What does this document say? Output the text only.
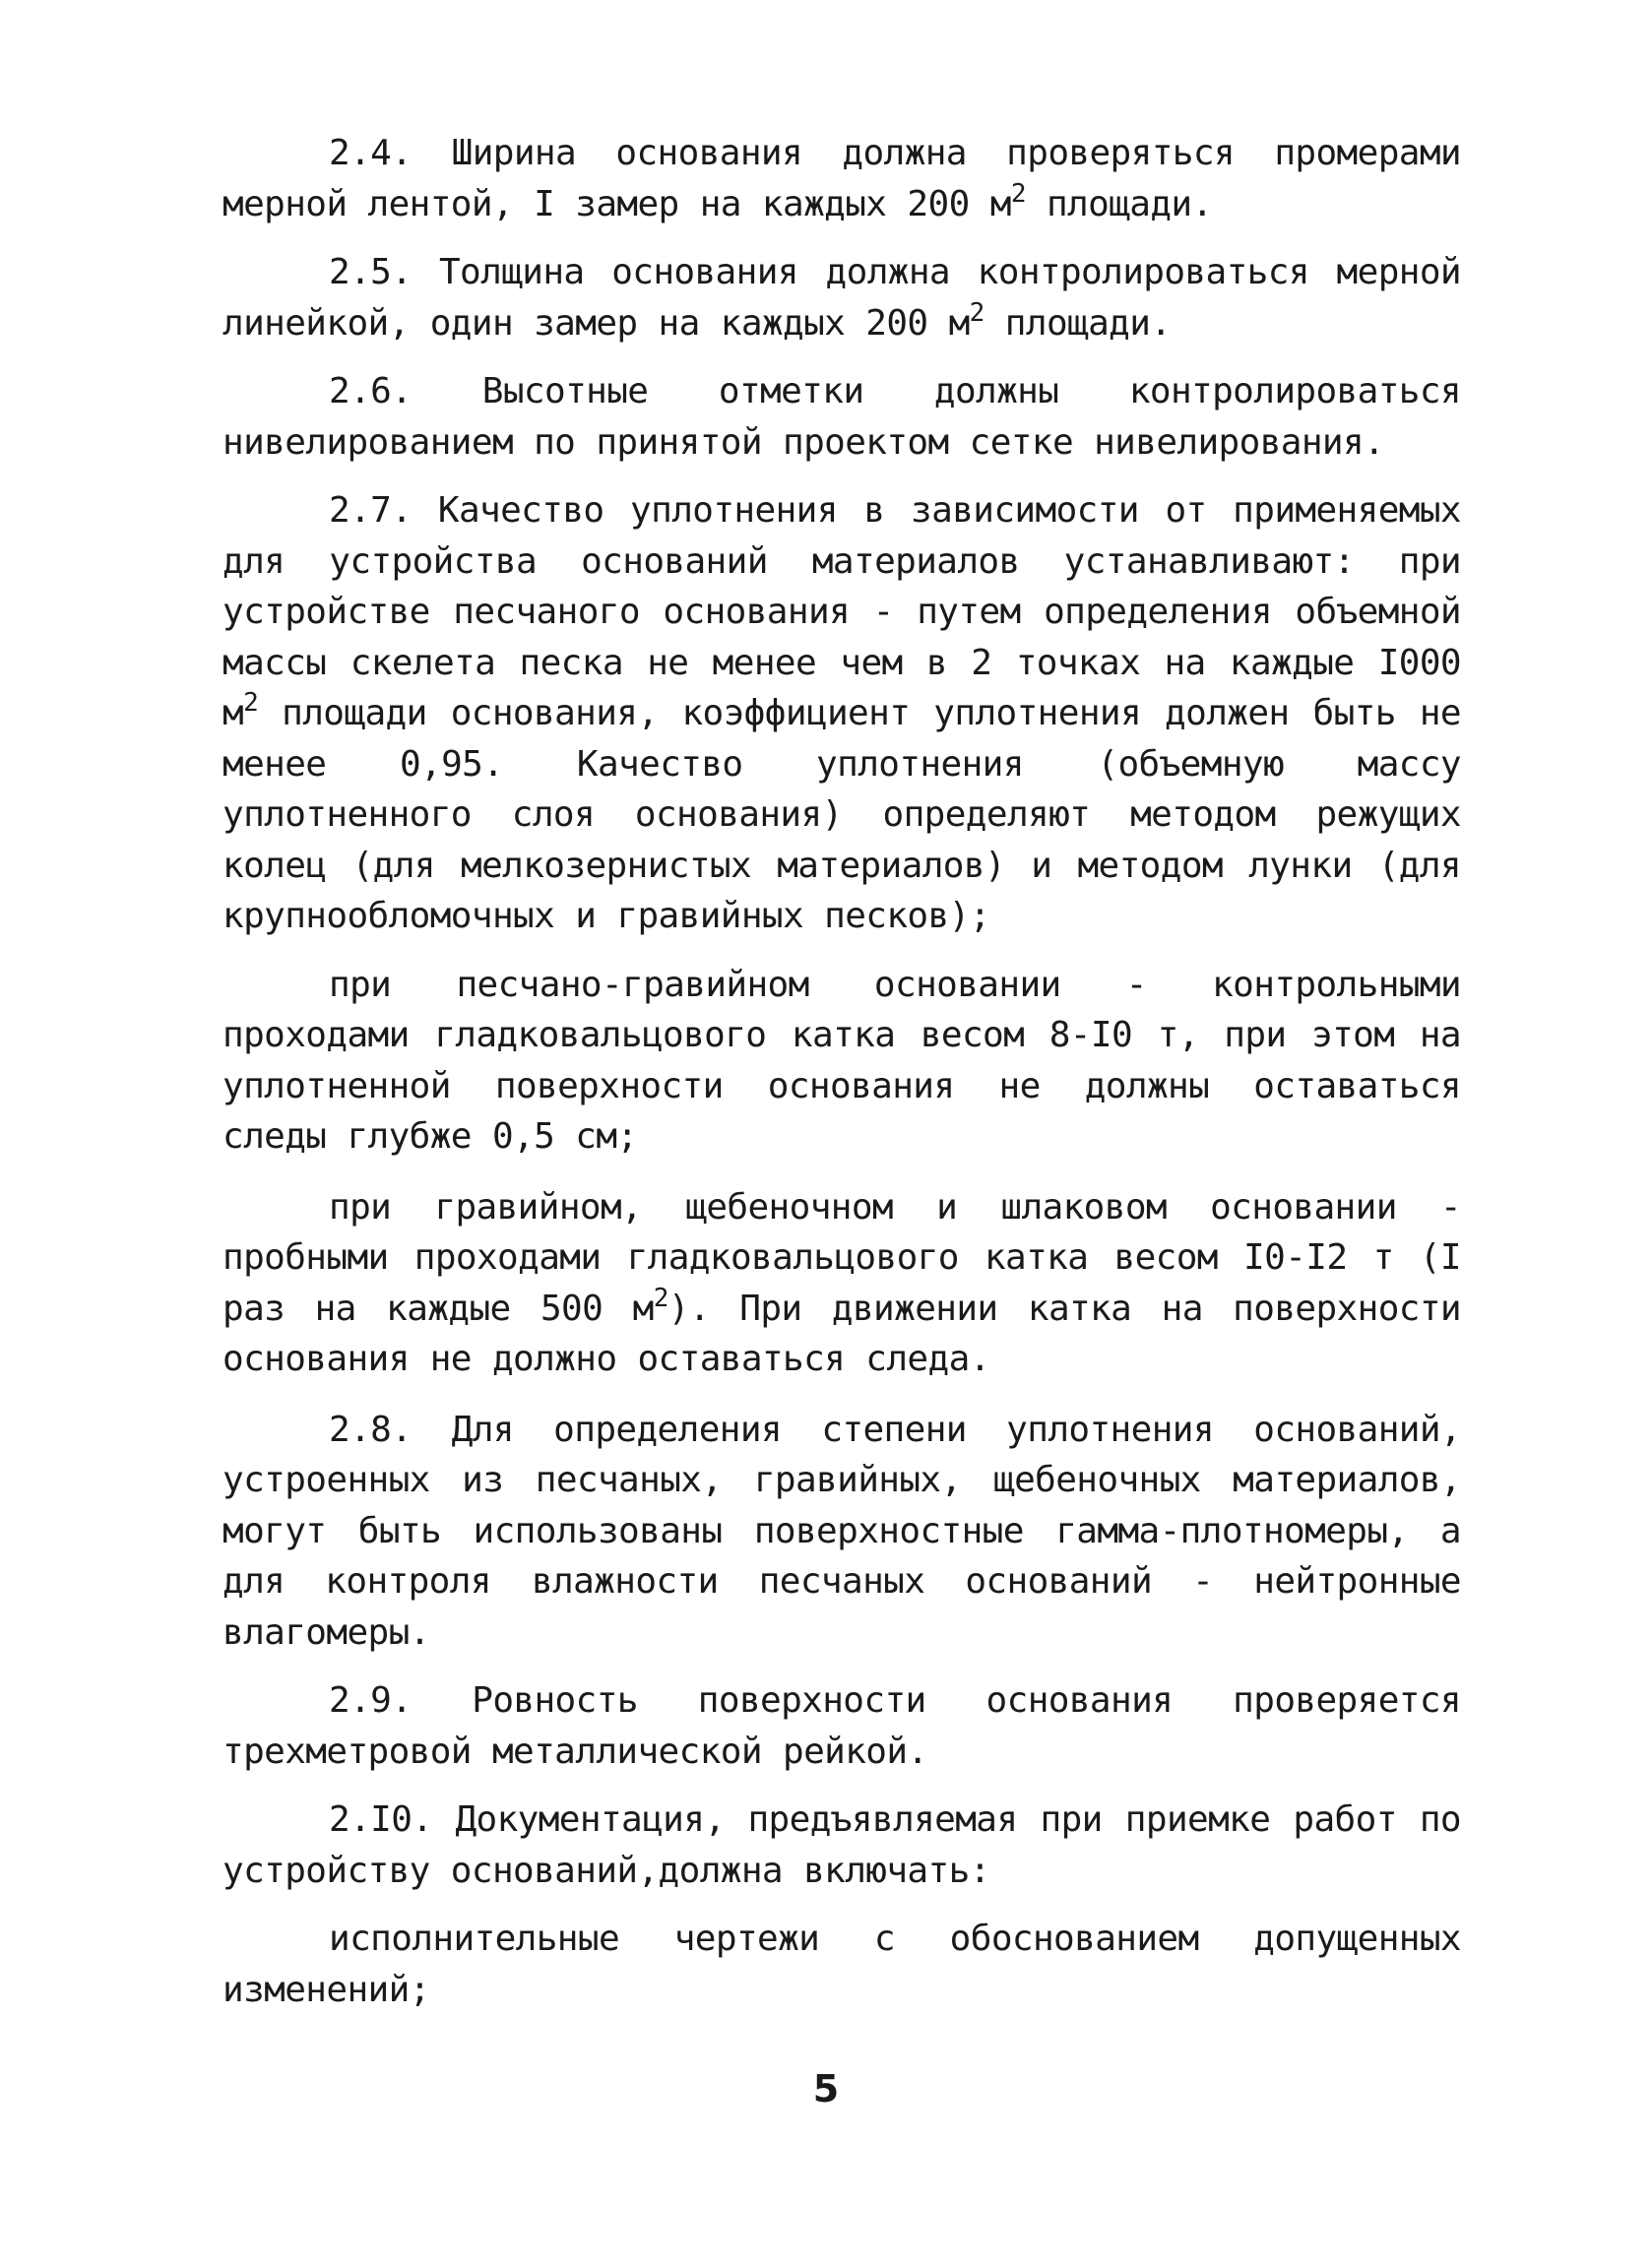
2.4. Ширина основания должна проверяться промерами мерной лентой, I замер на каждых 200 $м^2$ площади.

2.5. Толщина основания должна контролироваться мерной линейкой, один замер на каждых 200 $м^2$ площади.

2.6. Высотные отметки должны контролироваться нивелированием по принятой проектом сетке нивелирования.

2.7. Качество уплотнения в зависимости от применяемых для устройства оснований материалов устанавливают: при устройстве песчаного основания - путем определения объемной массы скелета песка не менее чем в 2 точках на каждые I000 $м^2$ площади основания, коэффициент уплотнения должен быть не менее 0,95. Качество уплотнения (объемную массу уплотненного слоя основания) определяют методом режущих колец (для мелкозернистых материалов) и методом лунки (для крупнообломочных и гравийных песков);

при песчано-гравийном основании - контрольными проходами гладковальцового катка весом 8-I0 т, при этом на уплотненной поверхности основания не должны оставаться следы глубже 0,5 см;

при гравийном, щебеночном и шлаковом основании - пробными проходами гладковальцового катка весом I0-I2 т (I раз на каждые 500 $м^2$). При движении катка на поверхности основания не должно оставаться следа.

2.8. Для определения степени уплотнения оснований, устроенных из песчаных, гравийных, щебеночных материалов, могут быть использованы поверхностные гамма-плотномеры, а для контроля влажности песчаных оснований - нейтронные влагомеры.

2.9. Ровность поверхности основания проверяется трехметровой металлической рейкой.

2.I0. Документация, предъявляемая при приемке работ по устройству оснований,должна включать:

исполнительные чертежи с обоснованием допущенных изменений;

5
